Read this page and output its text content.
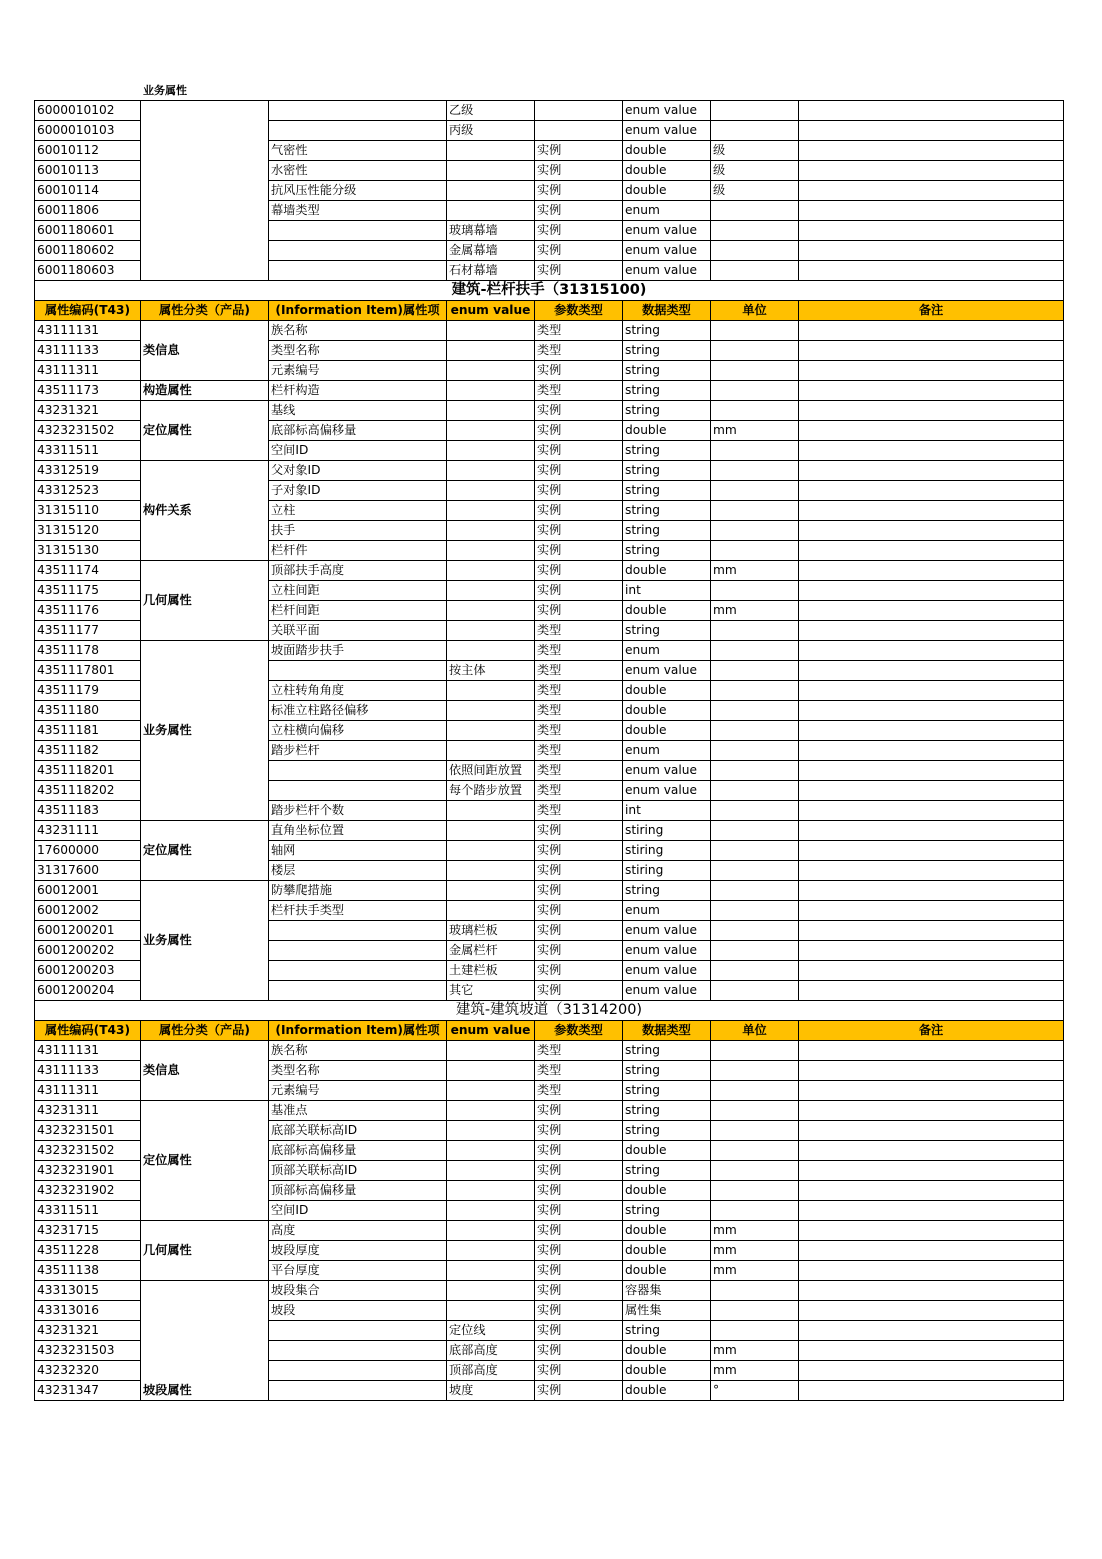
6000010102	业务属性		乙级		enum value		
6000010103			丙级		enum value		
60010112		气密性		实例	double	级	
60010113		水密性		实例	double	级	
60010114		抗风压性能分级		实例	double	级	
60011806		幕墙类型		实例	enum		
6001180601			玻璃幕墙	实例	enum value		
6001180602			金属幕墙	实例	enum value		
6001180603			石材幕墙	实例	enum value		
建筑-栏杆扶手（31315100)							
属性编码(T43)	属性分类（产品)	(Information Item)属性项	enum value	参数类型	数据类型	单位	备注
43111131	类信息	族名称		类型	string		
43111133		类型名称		类型	string		
43111311		元素编号		实例	string		
43511173	构造属性	栏杆构造		类型	string		
43231321	定位属性	基线		实例	string		
4323231502		底部标高偏移量		实例	double	mm	
43311511		空间ID		实例	string		
43312519	构件关系	父对象ID		实例	string		
43312523		子对象ID		实例	string		
31315110		立柱		实例	string		
31315120		扶手		实例	string		
31315130		栏杆件		实例	string		
43511174	几何属性	顶部扶手高度		实例	double	mm	
43511175		立柱间距		实例	int		
43511176		栏杆间距		实例	double	mm	
43511177		关联平面		类型	string		
43511178	业务属性	坡面踏步扶手		类型	enum		
4351117801			按主体	类型	enum value		
43511179		立柱转角角度		类型	double		
43511180		标准立柱路径偏移		类型	double		
43511181		立柱横向偏移		类型	double		
43511182		踏步栏杆		类型	enum		
4351118201			依照间距放置	类型	enum value		
4351118202			每个踏步放置	类型	enum value		
43511183		踏步栏杆个数		类型	int		
43231111	定位属性	直角坐标位置		实例	stiring		
17600000		轴网		实例	stiring		
31317600		楼层		实例	stiring		
60012001	业务属性	防攀爬措施		实例	string		
60012002		栏杆扶手类型		实例	enum		
6001200201			玻璃栏板	实例	enum value		
6001200202			金属栏杆	实例	enum value		
6001200203			土建栏板	实例	enum value		
6001200204			其它	实例	enum value		
建筑-建筑坡道（31314200)							
属性编码(T43)	属性分类（产品)	(Information Item)属性项	enum value	参数类型	数据类型	单位	备注
43111131	类信息	族名称		类型	string		
43111133		类型名称		类型	string		
43111311		元素编号		类型	string		
43231311	定位属性	基准点		实例	string		
4323231501		底部关联标高ID		实例	string		
4323231502		底部标高偏移量		实例	double		
4323231901		顶部关联标高ID		实例	string		
4323231902		顶部标高偏移量		实例	double		
43311511		空间ID		实例	string		
43231715	几何属性	高度		实例	double	mm	
43511228		坡段厚度		实例	double	mm	
43511138		平台厚度		实例	double	mm	
43313015	坡段属性	坡段集合		实例	容器集		
43313016		坡段		实例	属性集		
43231321			定位线	实例	string		
4323231503			底部高度	实例	double	mm	
43232320			顶部高度	实例	double	mm	
43231347			坡度	实例	double	°	
